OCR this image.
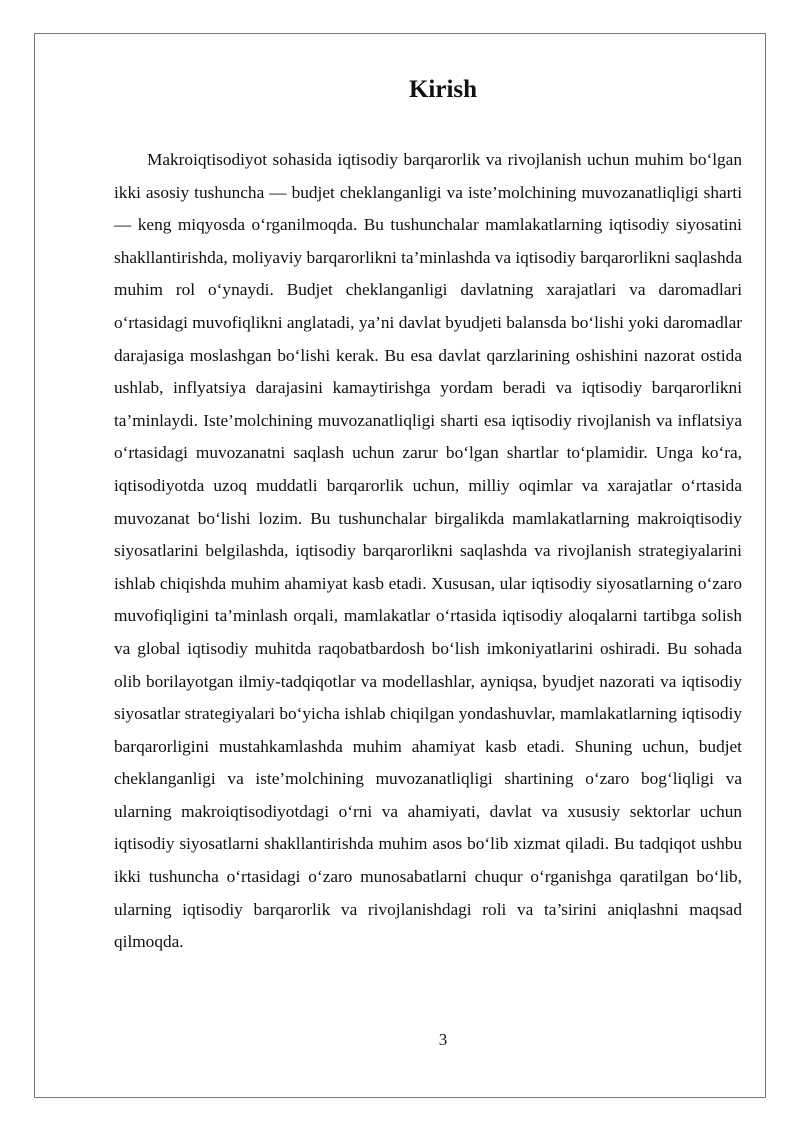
Kirish

Makroiqtisodiyot sohasida iqtisodiy barqarorlik va rivojlanish uchun muhim bo‘lgan ikki asosiy tushuncha — budjet cheklanganligi va iste’molchining muvozanatliqligi sharti — keng miqyosda o‘rganilmoqda. Bu tushunchalar mamlakatlarning iqtisodiy siyosatini shakllantirishda, moliyaviy barqarorlikni ta’minlashda va iqtisodiy barqarorlikni saqlashda muhim rol o‘ynaydi. Budjet cheklanganligi davlatning xarajatlari va daromadlari o‘rtasidagi muvofiqlikni anglatadi, ya’ni davlat byudjeti balansda bo‘lishi yoki daromadlar darajasiga moslashgan bo‘lishi kerak. Bu esa davlat qarzlarining oshishini nazorat ostida ushlab, inflyatsiya darajasini kamaytirishga yordam beradi va iqtisodiy barqarorlikni ta’minlaydi. Iste’molchining muvozanatliqligi sharti esa iqtisodiy rivojlanish va inflatsiya o‘rtasidagi muvozanatni saqlash uchun zarur bo‘lgan shartlar to‘plamidir. Unga ko‘ra, iqtisodiyotda uzoq muddatli barqarorlik uchun, milliy oqimlar va xarajatlar o‘rtasida muvozanat bo‘lishi lozim. Bu tushunchalar birgalikda mamlakatlarning makroiqtisodiy siyosatlarini belgilashda, iqtisodiy barqarorlikni saqlashda va rivojlanish strategiyalarini ishlab chiqishda muhim ahamiyat kasb etadi. Xususan, ular iqtisodiy siyosatlarning o‘zaro muvofiqligini ta’minlash orqali, mamlakatlar o‘rtasida iqtisodiy aloqalarni tartibga solish va global iqtisodiy muhitda raqobatbardosh bo‘lish imkoniyatlarini oshiradi. Bu sohada olib borilayotgan ilmiy-tadqiqotlar va modellashlar, ayniqsa, byudjet nazorati va iqtisodiy siyosatlar strategiyalari bo‘yicha ishlab chiqilgan yondashuvlar, mamlakatlarning iqtisodiy barqarorligini mustahkamlashda muhim ahamiyat kasb etadi. Shuning uchun, budjet cheklanganligi va iste’molchining muvozanatliqligi shartining o‘zaro bog‘liqligi va ularning makroiqtisodiyotdagi o‘rni va ahamiyati, davlat va xususiy sektorlar uchun iqtisodiy siyosatlarni shakllantirishda muhim asos bo‘lib xizmat qiladi. Bu tadqiqot ushbu ikki tushuncha o‘rtasidagi o‘zaro munosabatlarni chuqur o‘rganishga qaratilgan bo‘lib, ularning iqtisodiy barqarorlik va rivojlanishdagi roli va ta’sirini aniqlashni maqsad qilmoqda.

3
